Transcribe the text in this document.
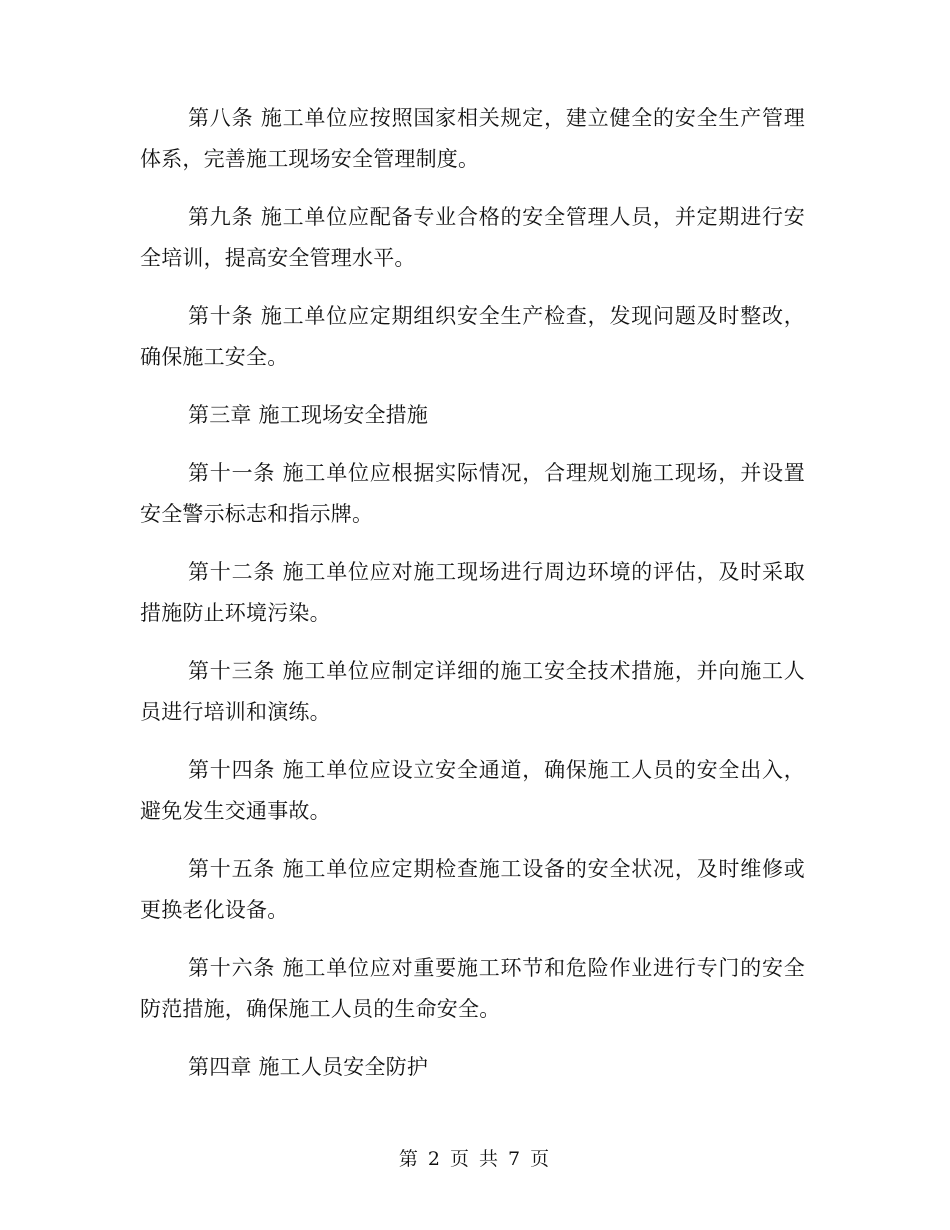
第八条 施工单位应按照国家相关规定，建立健全的安全生产管理体系，完善施工现场安全管理制度。

第九条 施工单位应配备专业合格的安全管理人员，并定期进行安全培训，提高安全管理水平。

第十条 施工单位应定期组织安全生产检查，发现问题及时整改，确保施工安全。

第三章 施工现场安全措施

第十一条 施工单位应根据实际情况，合理规划施工现场，并设置安全警示标志和指示牌。

第十二条 施工单位应对施工现场进行周边环境的评估，及时采取措施防止环境污染。

第十三条 施工单位应制定详细的施工安全技术措施，并向施工人员进行培训和演练。

第十四条 施工单位应设立安全通道，确保施工人员的安全出入，避免发生交通事故。

第十五条 施工单位应定期检查施工设备的安全状况，及时维修或更换老化设备。

第十六条 施工单位应对重要施工环节和危险作业进行专门的安全防范措施，确保施工人员的生命安全。

第四章 施工人员安全防护

第 2 页 共 7 页
